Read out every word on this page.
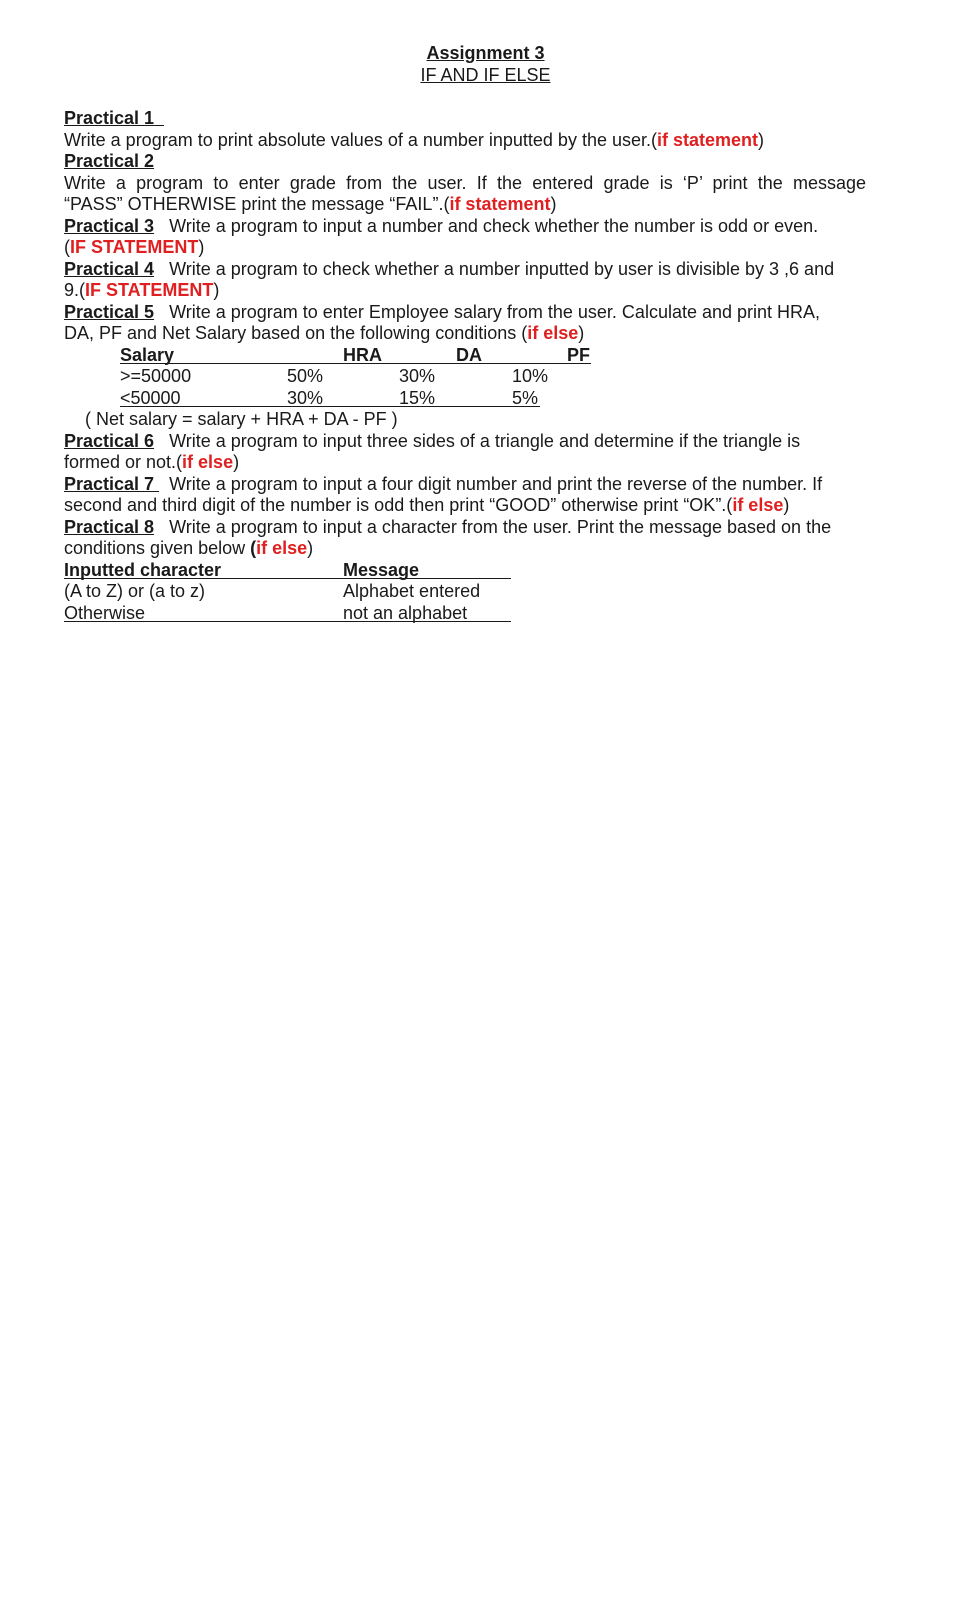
Assignment 3
IF AND IF ELSE
Practical 1
Write a program to print absolute values of a number inputted by the user.(if statement)
Practical 2
Write a program to enter grade from the user. If the entered grade is ‘P’ print the message
“PASS” OTHERWISE print the message “FAIL”.(if statement)
Practical 3 Write a program to input a number and check whether the number is odd or even.
(IF STATEMENT)
Practical 4 Write a program to check whether a number inputted by user is divisible by 3 ,6 and
9.(IF STATEMENT)
Practical 5 Write a program to enter Employee salary from the user. Calculate and print HRA,
DA, PF and Net Salary based on the following conditions (if else)
Salary	HRA	DA	PF
>=50000	50%	30%	10%
<50000	30%	15%	5%
( Net salary = salary + HRA + DA - PF )
Practical 6 Write a program to input three sides of a triangle and determine if the triangle is
formed or not.(if else)
Practical 7 Write a program to input a four digit number and print the reverse of the number. If
second and third digit of the number is odd then print “GOOD” otherwise print “OK”.(if else)
Practical 8 Write a program to input a character from the user. Print the message based on the
conditions given below (if else)
Inputted character	Message
(A to Z) or (a to z)	Alphabet entered
Otherwise	not an alphabet
